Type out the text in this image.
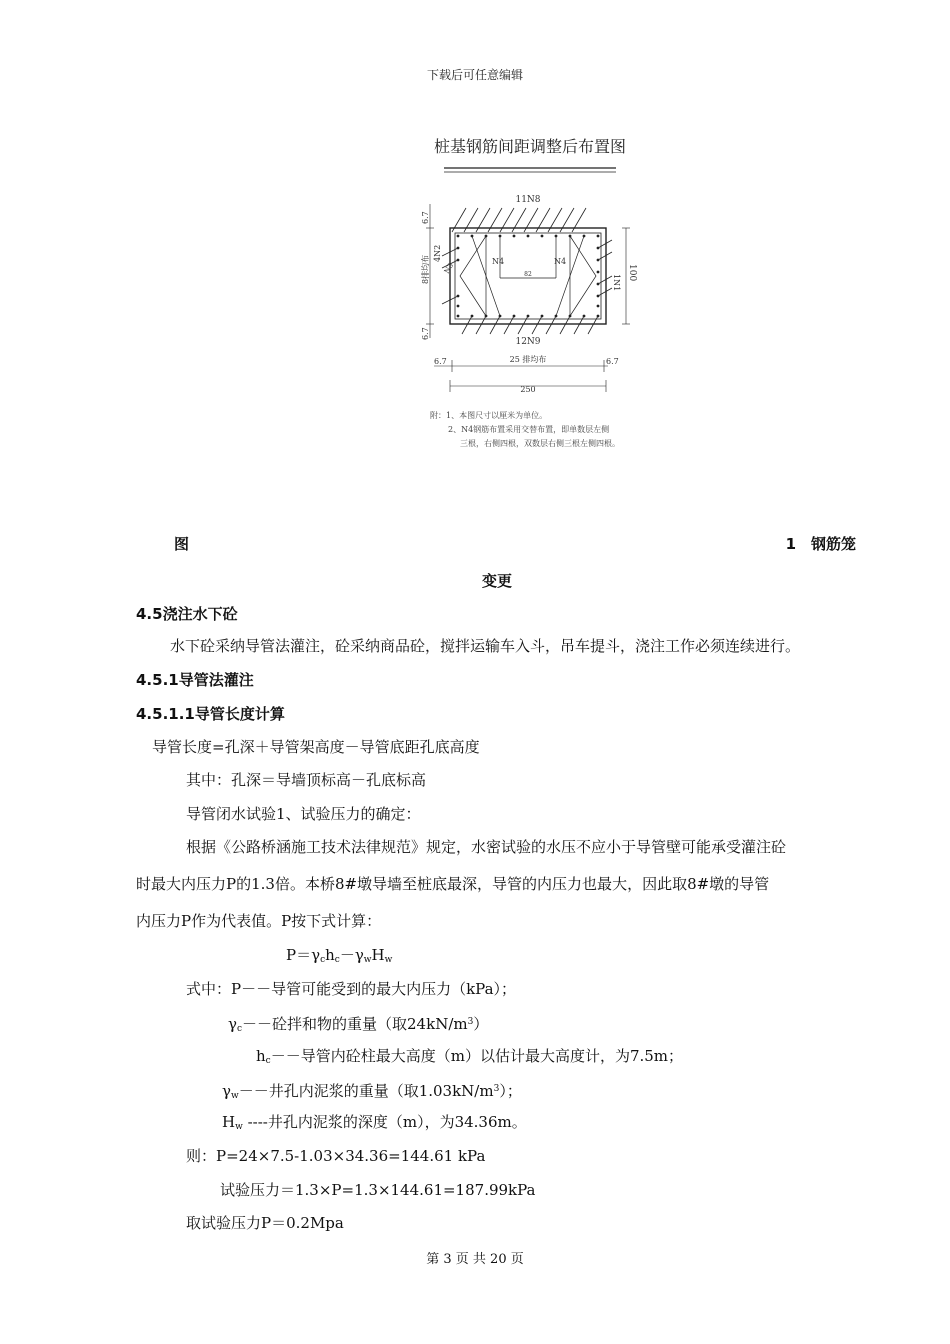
下载后可任意编辑
桩基钢筋间距调整后布置图
11N8
N4	N4
82
12N9
6.7
8排均布
6.7
4N2
N3
1N1
100
6.7	25 排均布	6.7
250
附：1、本图尺寸以厘米为单位。
2、N4钢筋布置采用交替布置，即单数层左侧
三根，右侧四根，双数层右侧三根左侧四根。
图	1　钢筋笼
变更
4.5浇注水下砼
水下砼采纳导管法灌注，砼采纳商品砼，搅拌运输车入斗，吊车提斗，浇注工作必须连续进行。
4.5.1导管法灌注
4.5.1.1导管长度计算
导管长度=孔深＋导管架高度－导管底距孔底高度
其中：孔深＝导墙顶标高－孔底标高
导管闭水试验1、试验压力的确定：
根据《公路桥涵施工技术法律规范》规定，水密试验的水压不应小于导管壁可能承受灌注砼
时最大内压力P的1.3倍。本桥8#墩导墙至桩底最深，导管的内压力也最大，因此取8#墩的导管
内压力P作为代表值。P按下式计算：
$P=\gamma_ch_c-\gamma_wH_w$
式中：P－－导管可能受到的最大内压力（kPa）；
$\gamma_c--$砼拌和物的重量（取$24kN/m^3$）
$h_c--$导管内砼柱最大高度（m）以估计最大高度计，为7.5m；
$\gamma_w--$井孔内泥浆的重量（取$1.03kN/m^3$）；
$H_w$ ----井孔内泥浆的深度（m），为34.36m。
则：P=24×7.5-1.03×34.36=144.61 kPa
试验压力＝1.3×P=1.3×144.61=187.99kPa
取试验压力P＝0.2Mpa
第 3 页 共 20 页
